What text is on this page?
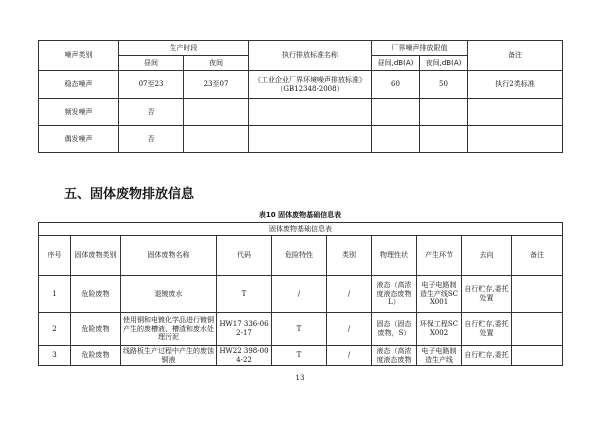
噪声类别	生产时段		执行排放标准名称	厂界噪声排放限值		备注
	昼间	夜间		昼间,dB(A)	夜间,dB(A)	
稳态噪声	07至23	23至07	《工业企业厂界环境噪声排放标准》（GB12348-2008）	60	50	执行2类标准
频发噪声	否					
偶发噪声	否					
五、固体废物排放信息

表10 固体废物基础信息表

固体废物基础信息表									
序号	固体废物类别	固体废物名称	代码	危险特性	类别	物理性状	产生环节	去向	备注
1	危险废物	退镀废水	T	/	/	液态（高浓度液态废物L）	电子电路制造生产线SCX001	自行贮存,委托处置	
2	危险废物	使用铜和电镀化学品进行镀铜产生的废槽液、槽渣和废水处理污泥	HW17 336-062-17	T	/	固态（固态废物，S）	环保工程SCX002	自行贮存,委托处置	
3	危险废物	线路板生产过程中产生的废蚀铜液	HW22 398-004-22	T	/	液态（高浓度液态废物	电子电路制造生产线	自行贮存,委托	
13
